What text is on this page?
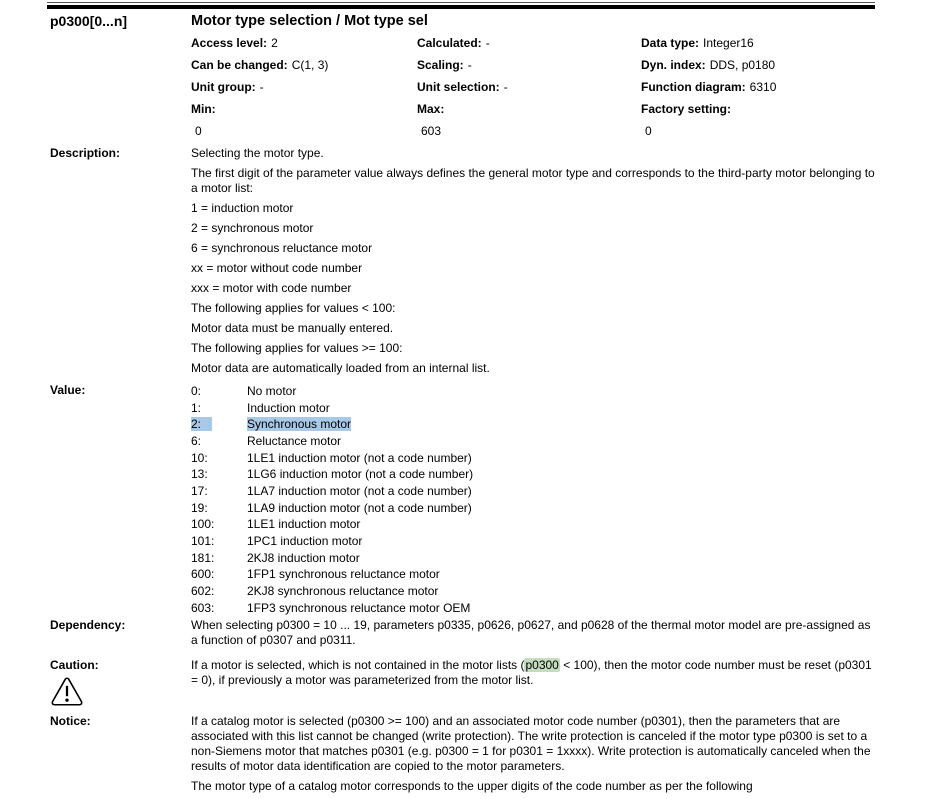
p0300[0...n]	Motor type selection / Mot type sel
Access level: 2	Calculated: -	Data type: Integer16
Can be changed: C(1, 3)	Scaling: -	Dyn. index: DDS, p0180
Unit group: -	Unit selection: -	Function diagram: 6310
Min:	Max:	Factory setting:
0	603	0
Description:	Selecting the motor type.

The first digit of the parameter value always defines the general motor type and corresponds to the third-party motor belonging to a motor list:

1 = induction motor

2 = synchronous motor

6 = synchronous reluctance motor

xx = motor without code number

xxx = motor with code number

The following applies for values < 100:

Motor data must be manually entered.

The following applies for values >= 100:

Motor data are automatically loaded from an internal list.

Value:	0:	No motor
1:	Induction motor
2:	Synchronous motor
6:	Reluctance motor
10:	1LE1 induction motor (not a code number)
13:	1LG6 induction motor (not a code number)
17:	1LA7 induction motor (not a code number)
19:	1LA9 induction motor (not a code number)
100:	1LE1 induction motor
101:	1PC1 induction motor
181:	2KJ8 induction motor
600:	1FP1 synchronous reluctance motor
602:	2KJ8 synchronous reluctance motor
603:	1FP3 synchronous reluctance motor OEM
Dependency:	When selecting p0300 = 10 ... 19, parameters p0335, p0626, p0627, and p0628 of the thermal motor model are pre-assigned as a function of p0307 and p0311.

Caution:	If a motor is selected, which is not contained in the motor lists (p0300 < 100), then the motor code number must be reset (p0301 = 0), if previously a motor was parameterized from the motor list.

Notice:	If a catalog motor is selected (p0300 >= 100) and an associated motor code number (p0301), then the parameters that are associated with this list cannot be changed (write protection). The write protection is canceled if the motor type p0300 is set to a non-Siemens motor that matches p0301 (e.g. p0300 = 1 for p0301 = 1xxxx). Write protection is automatically canceled when the results of motor data identification are copied to the motor parameters.

The motor type of a catalog motor corresponds to the upper digits of the code number as per the following
